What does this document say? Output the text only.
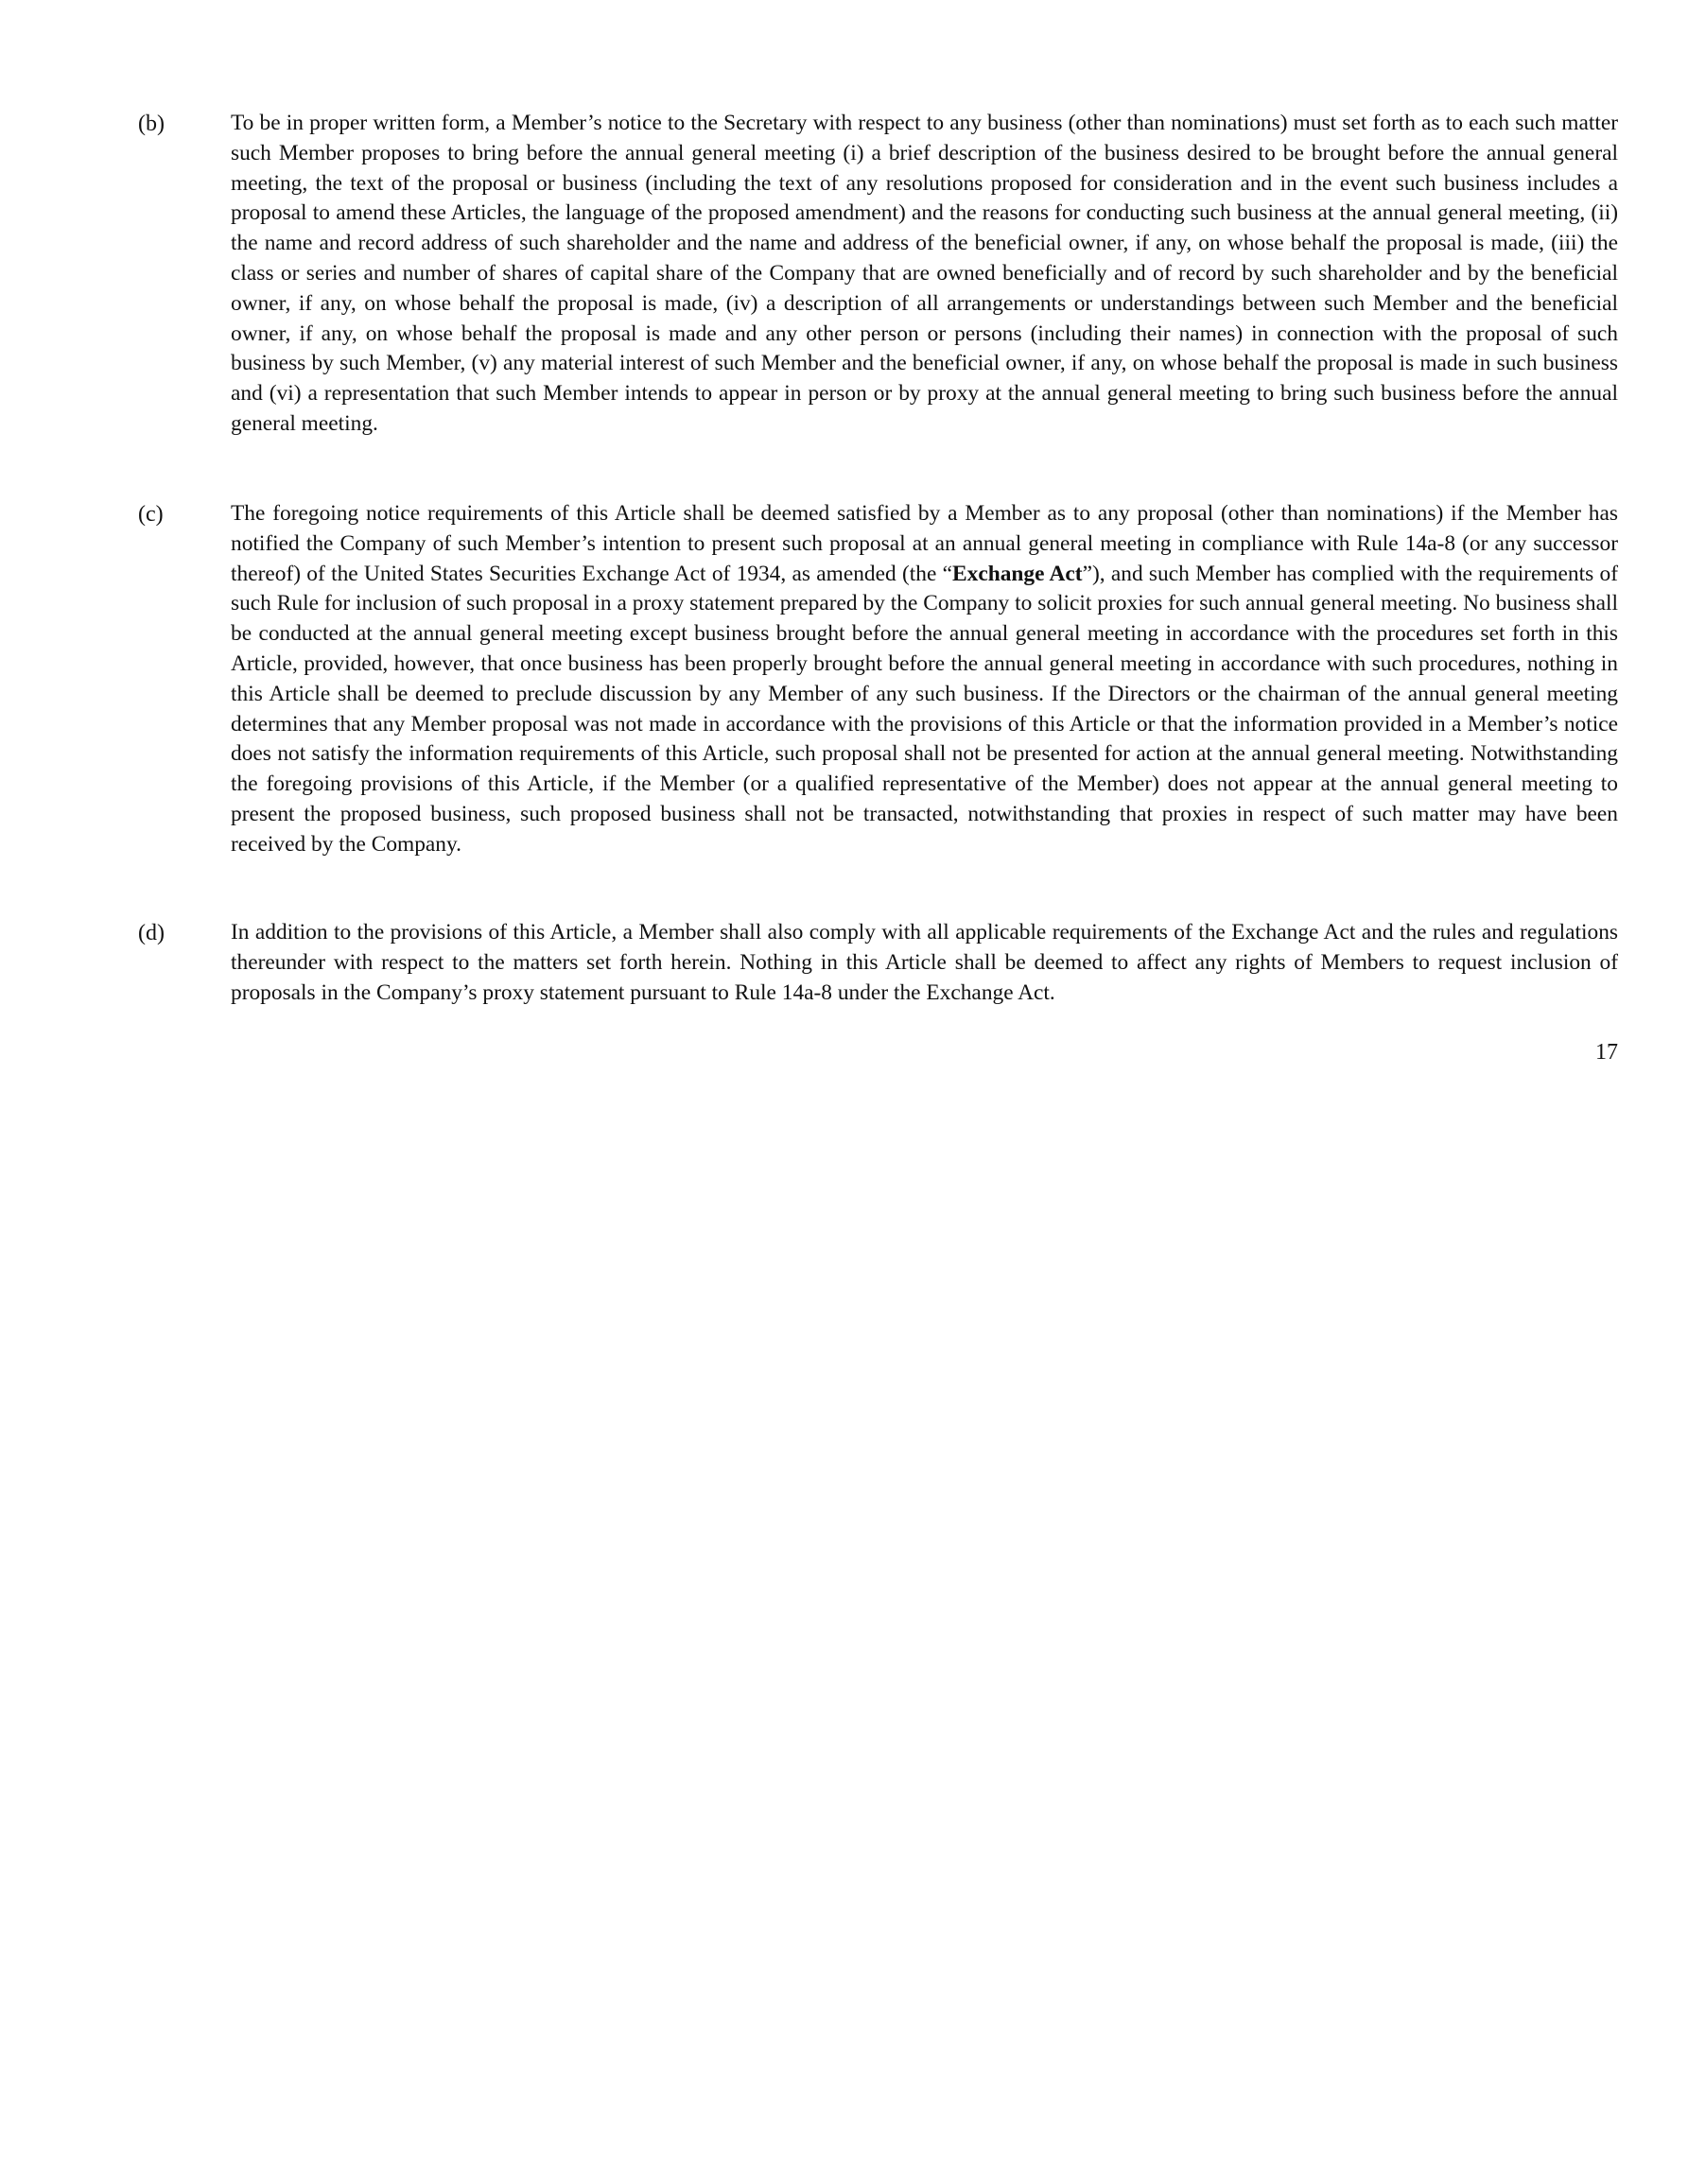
(b)	To be in proper written form, a Member’s notice to the Secretary with respect to any business (other than nominations) must set forth as to each such matter such Member proposes to bring before the annual general meeting (i) a brief description of the business desired to be brought before the annual general meeting, the text of the proposal or business (including the text of any resolutions proposed for consideration and in the event such business includes a proposal to amend these Articles, the language of the proposed amendment) and the reasons for conducting such business at the annual general meeting, (ii) the name and record address of such shareholder and the name and address of the beneficial owner, if any, on whose behalf the proposal is made, (iii) the class or series and number of shares of capital share of the Company that are owned beneficially and of record by such shareholder and by the beneficial owner, if any, on whose behalf the proposal is made, (iv) a description of all arrangements or understandings between such Member and the beneficial owner, if any, on whose behalf the proposal is made and any other person or persons (including their names) in connection with the proposal of such business by such Member, (v) any material interest of such Member and the beneficial owner, if any, on whose behalf the proposal is made in such business and (vi) a representation that such Member intends to appear in person or by proxy at the annual general meeting to bring such business before the annual general meeting.
(c)	The foregoing notice requirements of this Article shall be deemed satisfied by a Member as to any proposal (other than nominations) if the Member has notified the Company of such Member’s intention to present such proposal at an annual general meeting in compliance with Rule 14a-8 (or any successor thereof) of the United States Securities Exchange Act of 1934, as amended (the “Exchange Act”), and such Member has complied with the requirements of such Rule for inclusion of such proposal in a proxy statement prepared by the Company to solicit proxies for such annual general meeting. No business shall be conducted at the annual general meeting except business brought before the annual general meeting in accordance with the procedures set forth in this Article, provided, however, that once business has been properly brought before the annual general meeting in accordance with such procedures, nothing in this Article shall be deemed to preclude discussion by any Member of any such business. If the Directors or the chairman of the annual general meeting determines that any Member proposal was not made in accordance with the provisions of this Article or that the information provided in a Member’s notice does not satisfy the information requirements of this Article, such proposal shall not be presented for action at the annual general meeting. Notwithstanding the foregoing provisions of this Article, if the Member (or a qualified representative of the Member) does not appear at the annual general meeting to present the proposed business, such proposed business shall not be transacted, notwithstanding that proxies in respect of such matter may have been received by the Company.
(d)	In addition to the provisions of this Article, a Member shall also comply with all applicable requirements of the Exchange Act and the rules and regulations thereunder with respect to the matters set forth herein. Nothing in this Article shall be deemed to affect any rights of Members to request inclusion of proposals in the Company’s proxy statement pursuant to Rule 14a-8 under the Exchange Act.
17
